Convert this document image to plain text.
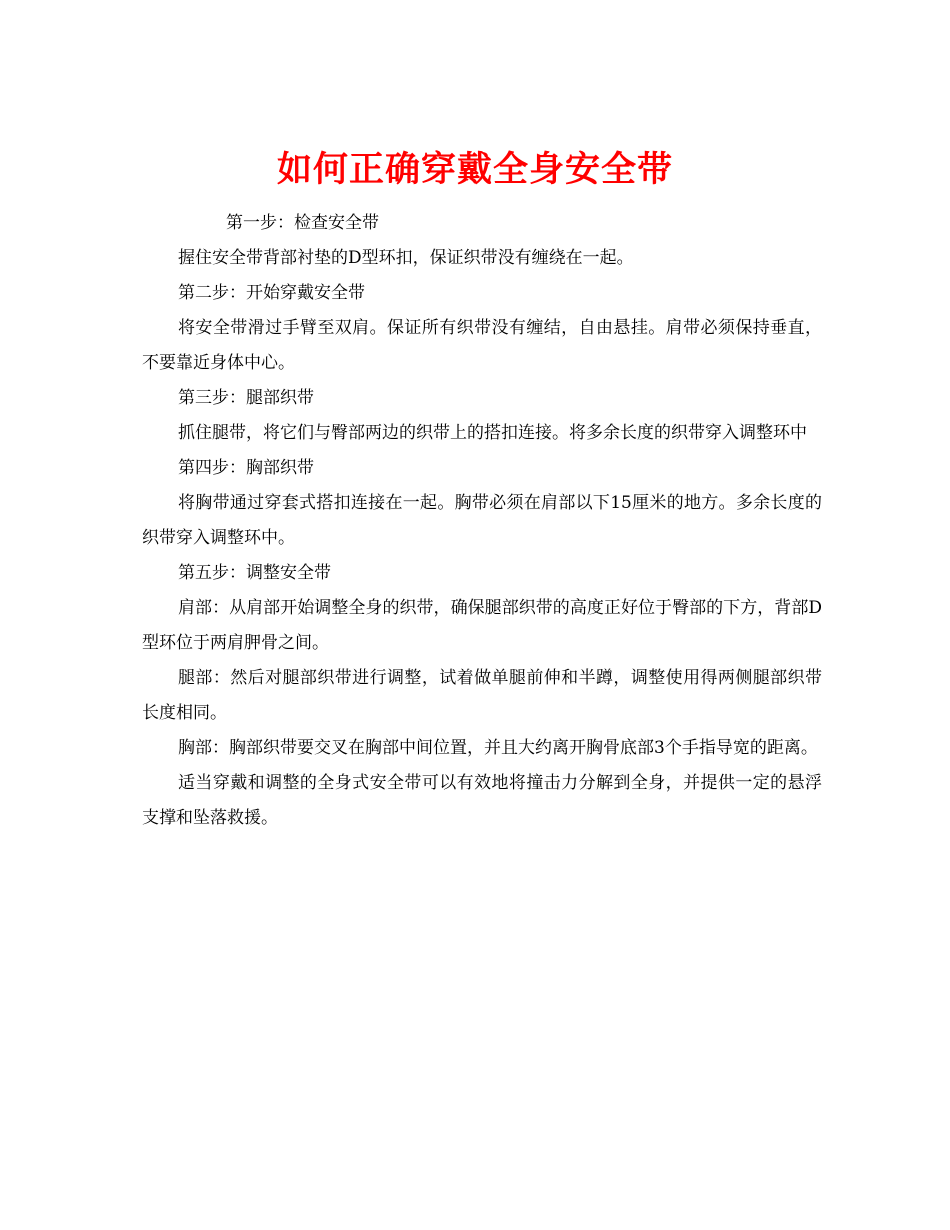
如何正确穿戴全身安全带

第一步：检查安全带

握住安全带背部衬垫的D型环扣，保证织带没有缠绕在一起。

第二步：开始穿戴安全带

将安全带滑过手臂至双肩。保证所有织带没有缠结，自由悬挂。肩带必须保持垂直，不要靠近身体中心。

第三步：腿部织带

抓住腿带，将它们与臀部两边的织带上的搭扣连接。将多余长度的织带穿入调整环中

第四步：胸部织带

将胸带通过穿套式搭扣连接在一起。胸带必须在肩部以下15厘米的地方。多余长度的织带穿入调整环中。

第五步：调整安全带

肩部：从肩部开始调整全身的织带，确保腿部织带的高度正好位于臀部的下方，背部D型环位于两肩胛骨之间。

腿部：然后对腿部织带进行调整，试着做单腿前伸和半蹲，调整使用得两侧腿部织带长度相同。

胸部：胸部织带要交叉在胸部中间位置，并且大约离开胸骨底部3个手指导宽的距离。

适当穿戴和调整的全身式安全带可以有效地将撞击力分解到全身，并提供一定的悬浮支撑和坠落救援。
